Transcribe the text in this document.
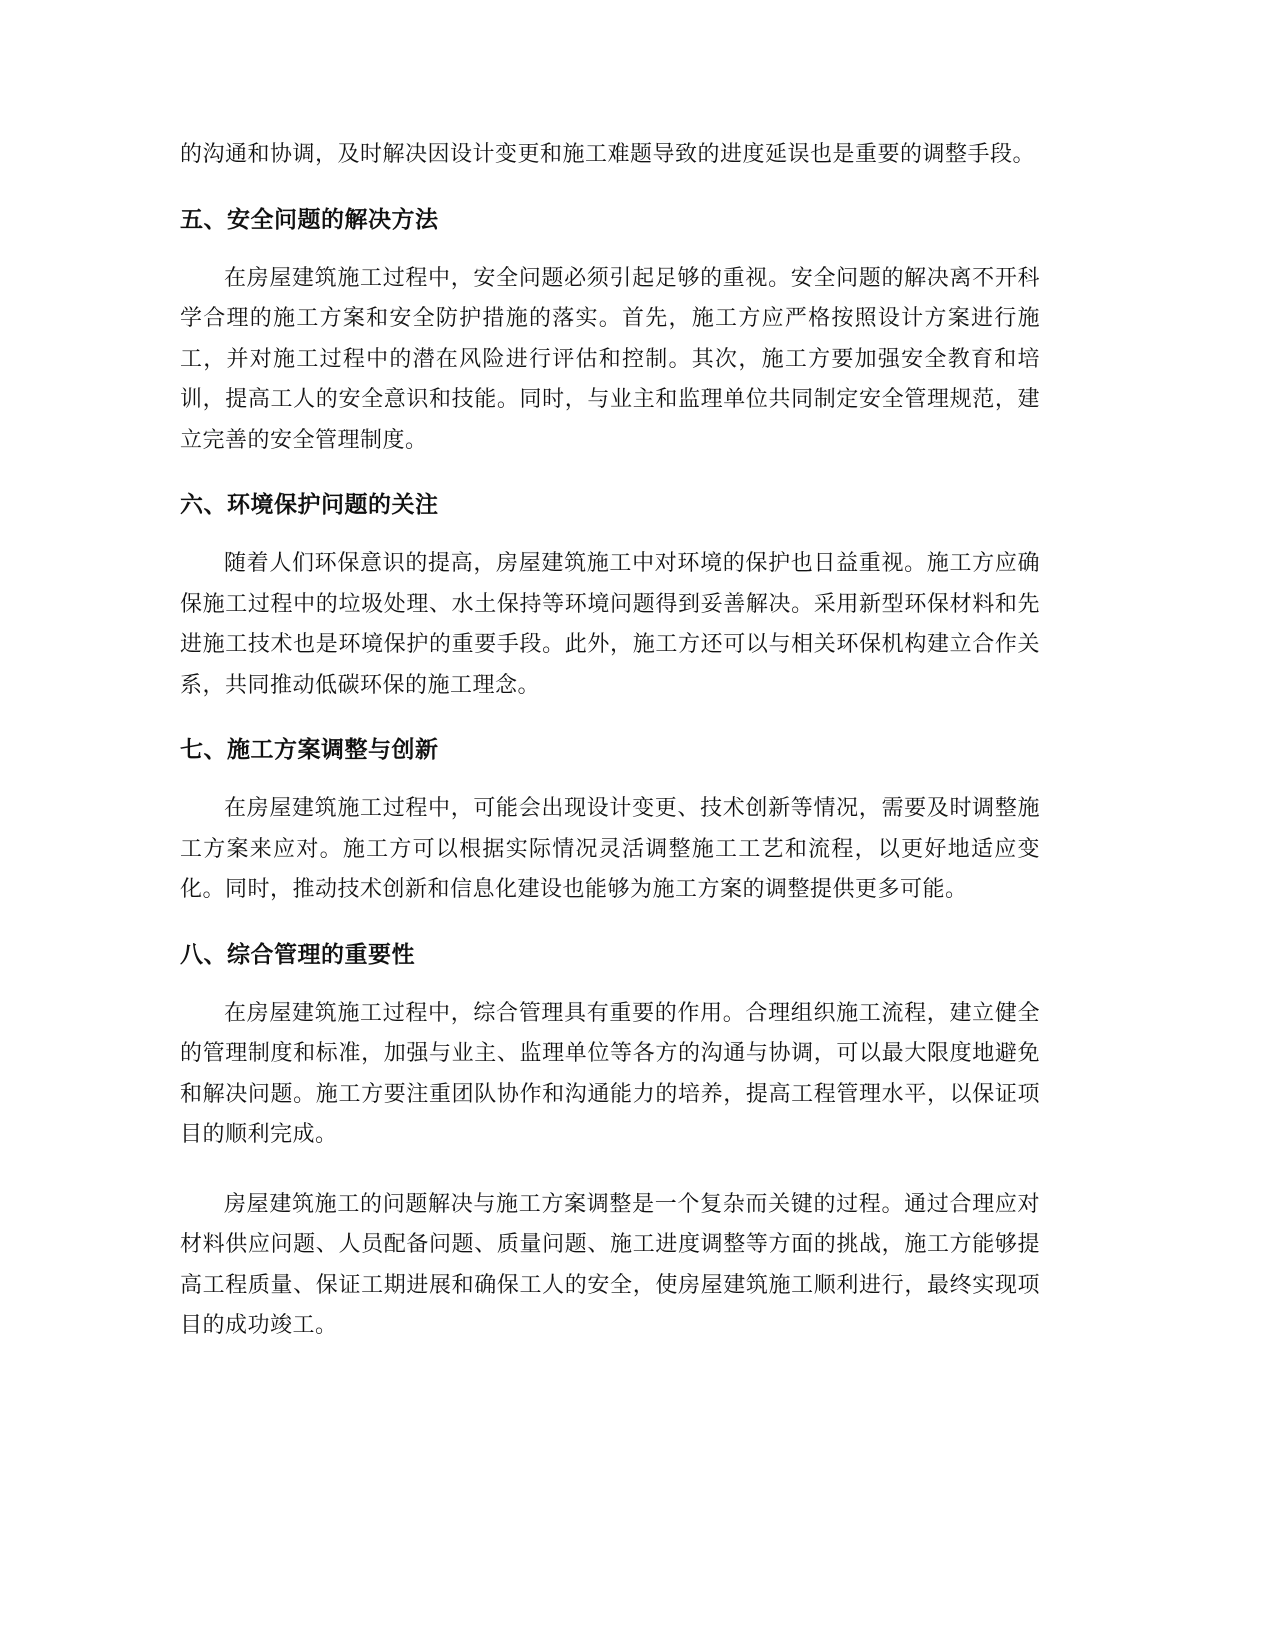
的沟通和协调，及时解决因设计变更和施工难题导致的进度延误也是重要的调整手段。

五、安全问题的解决方法

在房屋建筑施工过程中，安全问题必须引起足够的重视。安全问题的解决离不开科学合理的施工方案和安全防护措施的落实。首先，施工方应严格按照设计方案进行施工，并对施工过程中的潜在风险进行评估和控制。其次，施工方要加强安全教育和培训，提高工人的安全意识和技能。同时，与业主和监理单位共同制定安全管理规范，建立完善的安全管理制度。

六、环境保护问题的关注

随着人们环保意识的提高，房屋建筑施工中对环境的保护也日益重视。施工方应确保施工过程中的垃圾处理、水土保持等环境问题得到妥善解决。采用新型环保材料和先进施工技术也是环境保护的重要手段。此外，施工方还可以与相关环保机构建立合作关系，共同推动低碳环保的施工理念。

七、施工方案调整与创新

在房屋建筑施工过程中，可能会出现设计变更、技术创新等情况，需要及时调整施工方案来应对。施工方可以根据实际情况灵活调整施工工艺和流程，以更好地适应变化。同时，推动技术创新和信息化建设也能够为施工方案的调整提供更多可能。

八、综合管理的重要性

在房屋建筑施工过程中，综合管理具有重要的作用。合理组织施工流程，建立健全的管理制度和标准，加强与业主、监理单位等各方的沟通与协调，可以最大限度地避免和解决问题。施工方要注重团队协作和沟通能力的培养，提高工程管理水平，以保证项目的顺利完成。

房屋建筑施工的问题解决与施工方案调整是一个复杂而关键的过程。通过合理应对材料供应问题、人员配备问题、质量问题、施工进度调整等方面的挑战，施工方能够提高工程质量、保证工期进展和确保工人的安全，使房屋建筑施工顺利进行，最终实现项目的成功竣工。
